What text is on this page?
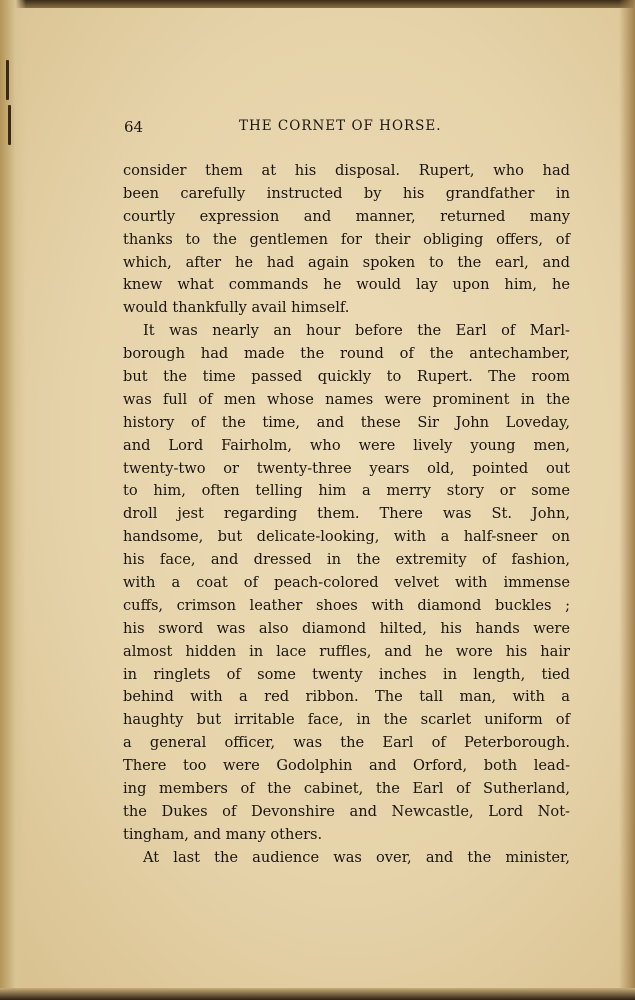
64	THE CORNET OF HORSE.
consider them at his disposal. Rupert, who had
been carefully instructed by his grandfather in
courtly expression and manner, returned many
thanks to the gentlemen for their obliging offers, of
which, after he had again spoken to the earl, and
knew what commands he would lay upon him, he
would thankfully avail himself.
It was nearly an hour before the Earl of Marl-
borough had made the round of the antechamber,
but the time passed quickly to Rupert. The room
was full of men whose names were prominent in the
history of the time, and these Sir John Loveday,
and Lord Fairholm, who were lively young men,
twenty-two or twenty-three years old, pointed out
to him, often telling him a merry story or some
droll jest regarding them. There was St. John,
handsome, but delicate-looking, with a half-sneer on
his face, and dressed in the extremity of fashion,
with a coat of peach-colored velvet with immense
cuffs, crimson leather shoes with diamond buckles ;
his sword was also diamond hilted, his hands were
almost hidden in lace ruffles, and he wore his hair
in ringlets of some twenty inches in length, tied
behind with a red ribbon. The tall man, with a
haughty but irritable face, in the scarlet uniform of
a general officer, was the Earl of Peterborough.
There too were Godolphin and Orford, both lead-
ing members of the cabinet, the Earl of Sutherland,
the Dukes of Devonshire and Newcastle, Lord Not-
tingham, and many others.
At last the audience was over, and the minister,
